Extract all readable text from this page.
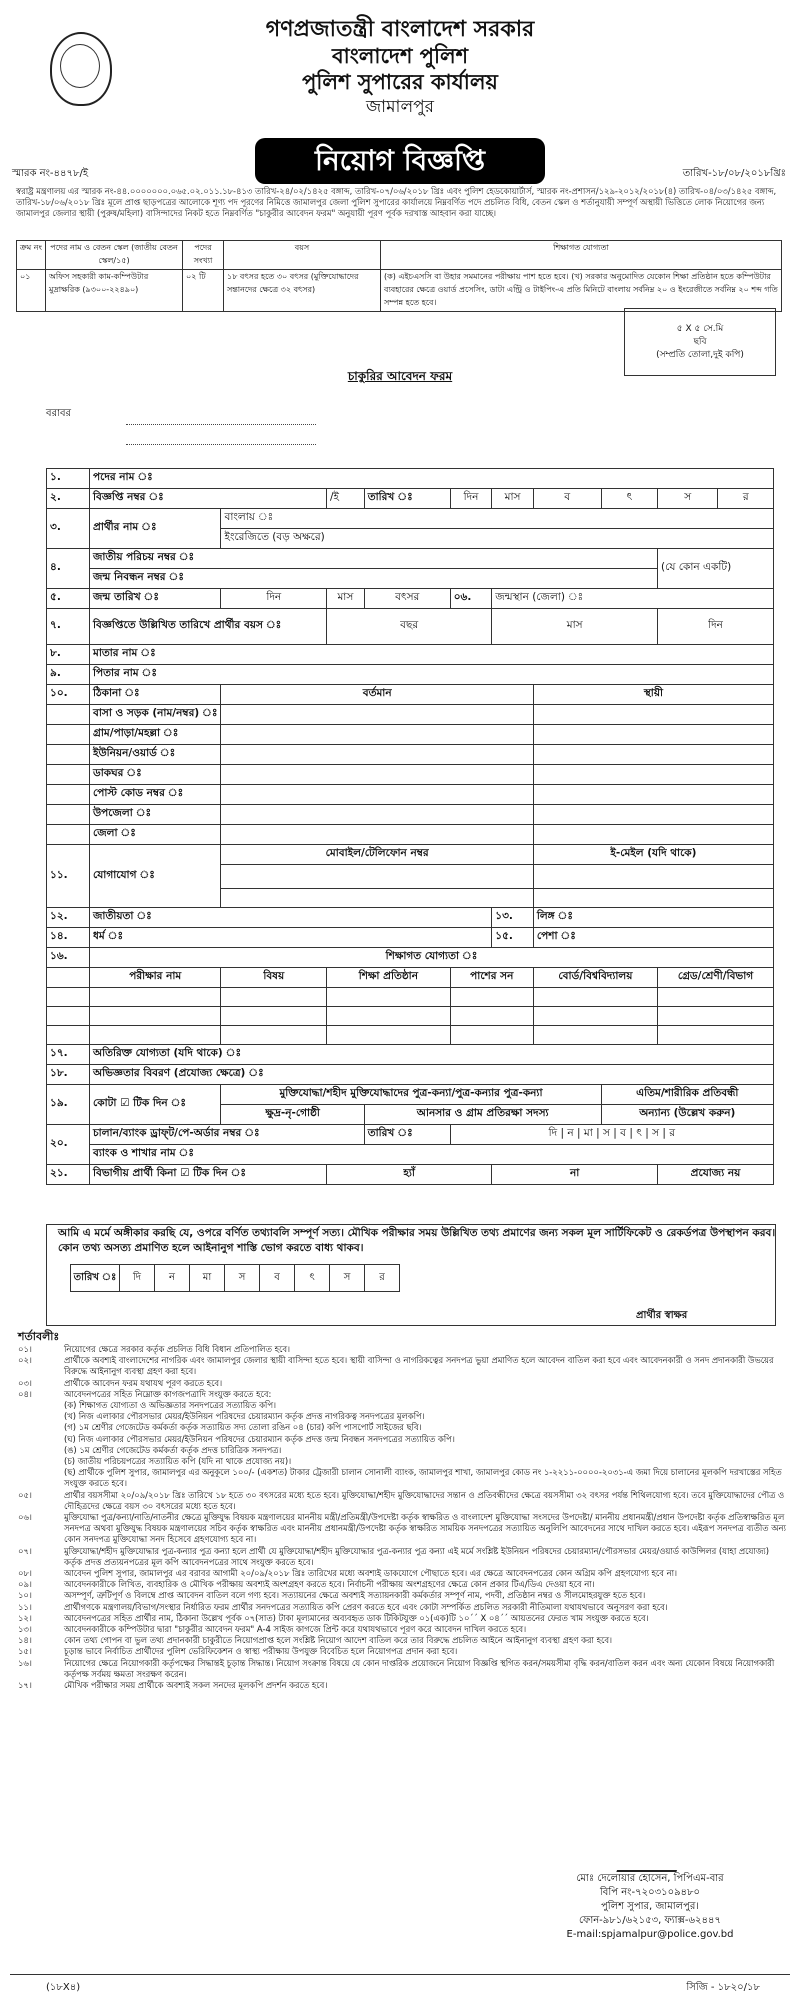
গণপ্রজাতন্ত্রী বাংলাদেশ সরকার
বাংলাদেশ পুলিশ
পুলিশ সুপারের কার্যালয়
জামালপুর
নিয়োগ বিজ্ঞপ্তি
স্মারক নং-৪৪৭৮/ই	তারিখ-১৮/০৮/২০১৮খ্রিঃ
স্বরাষ্ট্র মন্ত্রণালয় এর স্মারক নং-৪৪.০০০০০০০.০৬৫.০২.০১১.১৮-৪১৩ তারিখ-২৪/০২/১৪২৫ বঙ্গাব্দ, তারিখ-০৭/০৬/২০১৮ খ্রিঃ এবং পুলিশ হেডকোয়ার্টার্স, স্মারক নং-প্রশাসন/১২৯-২০১২/২০১৮(৪) তারিখ-০৪/০৩/১৪২৫ বঙ্গাব্দ, তারিখ-১৮/০৬/২০১৮ খ্রিঃ মূলে প্রাপ্ত ছাড়পত্রের আলোকে শূণ্য পদ পূরণের নিমিত্তে জামালপুর জেলা পুলিশ সুপারের কার্যালয়ে নিম্নবর্ণিত পদে প্রচলিত বিধি, বেতন স্কেল ও শর্তানুযায়ী সম্পূর্ণ অস্থায়ী ভিত্তিতে লোক নিয়োগের জন্য জামালপুর জেলার স্থায়ী (পুরুষ/মহিলা) বাসিন্দাদের নিকট হতে নিম্নবর্ণিত "চাকুরীর আবেদন ফরম" অনুযায়ী পূরণ পূর্বক দরখাস্ত আহবান করা যাচ্ছে।
ক্রম নং	পদের নাম ও বেতন স্কেল (জাতীয় বেতন স্কেল/১৫)	পদের সংখ্যা	বয়স	শিক্ষাগত যোগ্যতা
০১	অফিস সহকারী কাম-কম্পিউটার মুদ্রাক্ষরিক (৯৩০০-২২৪৯০)	০২ টি	১৮ বৎসর হতে ৩০ বৎসর (মুক্তিযোদ্ধাদের সন্তানদের ক্ষেত্রে ৩২ বৎসর)	(ক) এইচএসসি বা উহার সমমানের পরীক্ষায় পাশ হতে হবে। (খ) সরকার অনুমোদিত যেকোন শিক্ষা প্রতিষ্ঠান হতে কম্পিউটার ব্যবহারের ক্ষেত্রে ওয়ার্ড প্রসেসিং, ডাটা এন্ট্রি ও টাইপিং-এ প্রতি মিনিটে বাংলায় সর্বনিম্ন ২০ ও ইংরেজীতে সর্বনিম্ন ২০ শব্দ গতি সম্পন্ন হতে হবে।
৫ X ৫ সে.মি
ছবি
(সম্প্রতি তোলা,দুই কপি)
চাকুরির আবেদন ফরম
বরাবর
১.	পদের নাম ঃ									
২.	বিজ্ঞপ্তি নম্বর ঃ		/ই	তারিখ ঃ	দিন	মাস	ব	ৎ	স	র
৩.	প্রার্থীর নাম ঃ	বাংলায় ঃ								
		ইংরেজিতে (বড় অক্ষরে)								
৪.	জাতীয় পরিচয় নম্বর ঃ								(যে কোন একটি)	
	জন্ম নিবন্ধন নম্বর ঃ									
৫.	জন্ম তারিখ ঃ	দিন	মাস	বৎসর	০৬.	জন্মস্থান (জেলা) ঃ				
৭.	বিজ্ঞপ্তিতে উল্লিখিত তারিখে প্রার্থীর বয়স ঃ		বছর			মাস			দিন	
৮.	মাতার নাম ঃ									
৯.	পিতার নাম ঃ									
১০.	ঠিকানা ঃ	বর্তমান					স্থায়ী			
	বাসা ও সড়ক (নাম/নম্বর) ঃ									
	গ্রাম/পাড়া/মহল্লা ঃ									
	ইউনিয়ন/ওয়ার্ড ঃ									
	ডাকঘর ঃ									
	পোস্ট কোড নম্বর ঃ									
	উপজেলা ঃ									
	জেলা ঃ									
১১.	যোগাযোগ ঃ	মোবাইল/টেলিফোন নম্বর					ই-মেইল (যদি থাকে)			

১২.	জাতীয়তা ঃ					১৩.	লিঙ্গ ঃ			
১৪.	ধর্ম ঃ					১৫.	পেশা ঃ			
১৬.	শিক্ষাগত যোগ্যতা ঃ									
	পরীক্ষার নাম	বিষয়	শিক্ষা প্রতিষ্ঠান		পাশের সন		বোর্ড/বিশ্ববিদ্যালয়		গ্রেড/শ্রেণী/বিভাগ	

১৭.	অতিরিক্ত যোগ্যতা (যদি থাকে) ঃ									
১৮.	অভিজ্ঞতার বিবরণ (প্রযোজ্য ক্ষেত্রে) ঃ									
১৯.	কোটা ☑ টিক দিন ঃ	মুক্তিযোদ্ধা/শহীদ মুক্তিযোদ্ধাদের পুত্র-কন্যা/পুত্র-কন্যার পুত্র-কন্যা						এতিম/শারীরিক প্রতিবন্ধী		
		ক্ষুদ্র-নৃ-গোষ্ঠী		আনসার ও গ্রাম প্রতিরক্ষা সদস্য				অন্যান্য (উল্লেখ করুন)		
২০.	চালান/ব্যাংক ড্রাফ্‌ট/পে-অর্ডার নম্বর ঃ			তারিখ ঃ	দি | ন | মা | স | ব | ৎ | স | র					
	ব্যাংক ও শাখার নাম ঃ									
২১.	বিভাগীয় প্রার্থী কিনা ☑ টিক দিন ঃ		হ্যাঁ			না			প্রযোজ্য নয়	
আমি এ মর্মে অঙ্গীকার করছি যে, ওপরে বর্ণিত তথ্যাবলি সম্পূর্ণ সত্য। মৌখিক পরীক্ষার সময় উল্লিখিত তথ্য প্রমাণের জন্য সকল মূল সার্টিফিকেট ও রেকর্ডপত্র উপস্থাপন করব। কোন তথ্য অসত্য প্রমাণিত হলে আইনানুগ শাস্তি ভোগ করতে বাধ্য থাকব।
তারিখ ঃ	দি	ন	মা	স	ব	ৎ	স	র
প্রার্থীর স্বাক্ষর
শর্তাবলীঃ
০১।	নিয়োগের ক্ষেত্রে সরকার কর্তৃক প্রচলিত বিধি বিধান প্রতিপালিত হবে।
০২।	প্রার্থীকে অবশ্যই বাংলাদেশের নাগরিক এবং জামালপুর জেলার স্থায়ী বাসিন্দা হতে হবে। স্থায়ী বাসিন্দা ও নাগরিকত্বের সনদপত্র ভুয়া প্রমাণিত হলে আবেদন বাতিল করা হবে এবং আবেদনকারী ও সনদ প্রদানকারী উভয়ের বিরুদ্ধে আইনানুগ ব্যবস্থা গ্রহণ করা হবে।
০৩।	প্রার্থীকে আবেদন ফরম যথাযথ পূরণ করতে হবে।
০৪।	আবেদনপত্রের সহিত নিম্নোক্ত কাগজপত্রাদি সংযুক্ত করতে হবে:
(ক) শিক্ষাগত যোগ্যতা ও অভিজ্ঞতার সনদপত্রের সত্যায়িত কপি।
(খ) নিজ এলাকার পৌরসভার মেয়র/ইউনিয়ন পরিষদের চেয়ারম্যান কর্তৃক প্রদত্ত নাগরিকত্ব সনদপত্রের মূলকপি।
(গ) ১ম শ্রেণীর গেজেটেড কর্মকর্তা কর্তৃক সত্যায়িত সদ্য তোলা রঙিন ০৪ (চার) কপি পাসপোর্ট সাইজের ছবি।
(ঘ) নিজ এলাকার পৌরসভার মেয়র/ইউনিয়ন পরিষদের চেয়ারম্যান কর্তৃক প্রদত্ত জন্ম নিবন্ধন সনদপত্রের সত্যায়িত কপি।
(ঙ) ১ম শ্রেণীর গেজেটেড কর্মকর্তা কর্তৃক প্রদত্ত চারিত্রিক সনদপত্র।
(চ) জাতীয় পরিচয়পত্রের সত্যায়িত কপি (যদি না থাকে প্রযোজ্য নয়)।
(ছ) প্রার্থীকে পুলিশ সুপার, জামালপুর এর অনুকূলে ১০০/- (একশত) টাকার ট্রেজারী চালান সোনালী ব্যাংক, জামালপুর শাখা, জামালপুর কোড নং ১-২২১১-০০০০-২০৩১-এ জমা দিয়ে চালানের মূলকপি দরখাস্তের সহিত সংযুক্ত করতে হবে।
০৫।	প্রার্থীর বয়সসীমা ২০/০৯/২০১৮ খ্রিঃ তারিখে ১৮ হতে ৩০ বৎসরের মধ্যে হতে হবে। মুক্তিযোদ্ধা/শহীদ মুক্তিযোদ্ধাদের সন্তান ও প্রতিবন্ধীদের ক্ষেত্রে বয়সসীমা ৩২ বৎসর পর্যন্ত শিথিলযোগ্য হবে। তবে মুক্তিযোদ্ধাদের পৌত্র ও দৌহিত্রদের ক্ষেত্রে বয়স ৩০ বৎসরের মধ্যে হতে হবে।
০৬।	মুক্তিযোদ্ধা পুত্র/কন্যা/নাতি/নাতনীর ক্ষেত্রে মুক্তিযুদ্ধ বিষয়ক মন্ত্রণালয়ের মাননীয় মন্ত্রী/প্রতিমন্ত্রী/উপদেষ্টা কর্তৃক স্বাক্ষরিত ও বাংলাদেশ মুক্তিযোদ্ধা সংসদের উপদেষ্টা/ মাননীয় প্রধানমন্ত্রী/প্রধান উপদেষ্টা কর্তৃক প্রতিস্বাক্ষরিত মূল সনদপত্র অথবা মুক্তিযুদ্ধ বিষয়ক মন্ত্রণালয়ের সচিব কর্তৃক স্বাক্ষরিত এবং মাননীয় প্রধানমন্ত্রী/উপদেষ্টা কর্তৃক স্বাক্ষরিত সাময়িক সনদপত্রের সত্যায়িত অনুলিপি আবেদনের সাথে দাখিল করতে হবে। এইরূপ সনদপত্র ব্যতীত অন্য কোন সনদপত্র মুক্তিযোদ্ধা সনদ হিসেবে গ্রহণযোগ্য হবে না।
০৭।	মুক্তিযোদ্ধা/শহীদ মুক্তিযোদ্ধার পুত্র-কন্যার পুত্র কন্যা হলে প্রার্থী যে মুক্তিযোদ্ধা/শহীদ মুক্তিযোদ্ধার পুত্র-কন্যার পুত্র কন্যা এই মর্মে সংশ্লিষ্ট ইউনিয়ন পরিষদের চেয়ারম্যান/পৌরসভার মেয়র/ওয়ার্ড কাউন্সিলর (যাহা প্রযোজ্য) কর্তৃক প্রদত্ত প্রত্যয়নপত্রের মূল কপি আবেদনপত্রের সাথে সংযুক্ত করতে হবে।
০৮।	আবেদন পুলিশ সুপার, জামালপুর এর বরাবর আগামী ২০/০৯/২০১৮ খ্রিঃ তারিখের মধ্যে অবশ্যই ডাকযোগে পৌছাতে হবে। এর ক্ষেত্রে আবেদনপত্রের কোন অগ্রিম কপি গ্রহণযোগ্য হবে না।
০৯।	আবেদনকারীকে লিখিত, ব্যবহারিক ও মৌখিক পরীক্ষায় অবশ্যই অংশগ্রহণ করতে হবে। নির্বাচনী পরীক্ষায় অংশগ্রহণের ক্ষেত্রে কোন প্রকার টিএ/ডিএ দেওয়া হবে না।
১০।	অসম্পূর্ণ, ত্রুটিপূর্ণ ও বিলম্বে প্রাপ্ত আবেদন বাতিল বলে গণ্য হবে। সত্যায়নের ক্ষেত্রে অবশ্যই সত্যায়নকারী কর্মকর্তার সম্পূর্ণ নাম, পদবী, প্রতিষ্ঠান নম্বর ও সীলমোহরযুক্ত হতে হবে।
১১।	প্রার্থীগণকে মন্ত্রণালয়/বিভাগ/সংস্থার নির্ধারিত ফরম প্রার্থীর সনদপত্রের সত্যায়িত কপি প্রেরণ করতে হবে এবং কোটা সম্পর্কিত প্রচলিত সরকারী নীতিমালা যথাযথভাবে অনুসরণ করা হবে।
১২।	আবেদনপত্রের সহিত প্রার্থীর নাম, ঠিকানা উল্লেখ পূর্বক ০৭(সাত) টাকা মূল্যমানের অব্যবহৃত ডাক টিকিটযুক্ত ০১(এক)টি ১০´´ X ০৪´´ আয়তনের ফেরত খাম সংযুক্ত করতে হবে।
১৩।	আবেদনকারীকে কম্পিউটার দ্বারা "চাকুরীর আবেদন ফরম" A-4 সাইজ কাগজে প্রিন্ট করে যথাযথভাবে পূরণ করে আবেদন দাখিল করতে হবে।
১৪।	কোন তথ্য গোপন বা ভুল তথ্য প্রদানকারী চাকুরীতে নিয়োগপ্রাপ্ত হলে সংশ্লিষ্ট নিয়োগ আদেশ বাতিল করে তার বিরুদ্ধে প্রচলিত আইনে আইনানুগ ব্যবস্থা গ্রহণ করা হবে।
১৫।	চূড়ান্ত ভাবে নির্বাচিত প্রার্থীদের পুলিশ ভেরিফিকেশন ও স্বাস্থ্য পরীক্ষায় উপযুক্ত বিবেচিত হলে নিয়োগপত্র প্রদান করা হবে।
১৬।	নিয়োগের ক্ষেত্রে নিয়োগকারী কর্তৃপক্ষের সিদ্ধান্তই চূড়ান্ত সিদ্ধান্ত। নিয়োগ সংক্রান্ত বিষয়ে যে কোন দাপ্তরিক প্রয়োজনে নিয়োগ বিজ্ঞপ্তি স্থগিত করন/সময়সীমা বৃদ্ধি করন/বাতিল করন এবং অন্য যেকোন বিষয়ে নিয়োগকারী কর্তৃপক্ষ সর্বময় ক্ষমতা সংরক্ষণ করেন।
১৭।	মৌখিক পরীক্ষার সময় প্রার্থীকে অবশ্যই সকল সনদের মূলকপি প্রদর্শন করতে হবে।
মোঃ দেলোয়ার হোসেন, পিপিএম-বার
বিপি নং-৭২০৩১০৯৪৮০
পুলিশ সুপার, জামালপুর।
ফোন-৯৮১/৬২১৫৩, ফ্যাক্স-৬২৪৪৭
E-mail:spjamalpur@police.gov.bd
(১৮X৪)	সিজি - ১৮২০/১৮
